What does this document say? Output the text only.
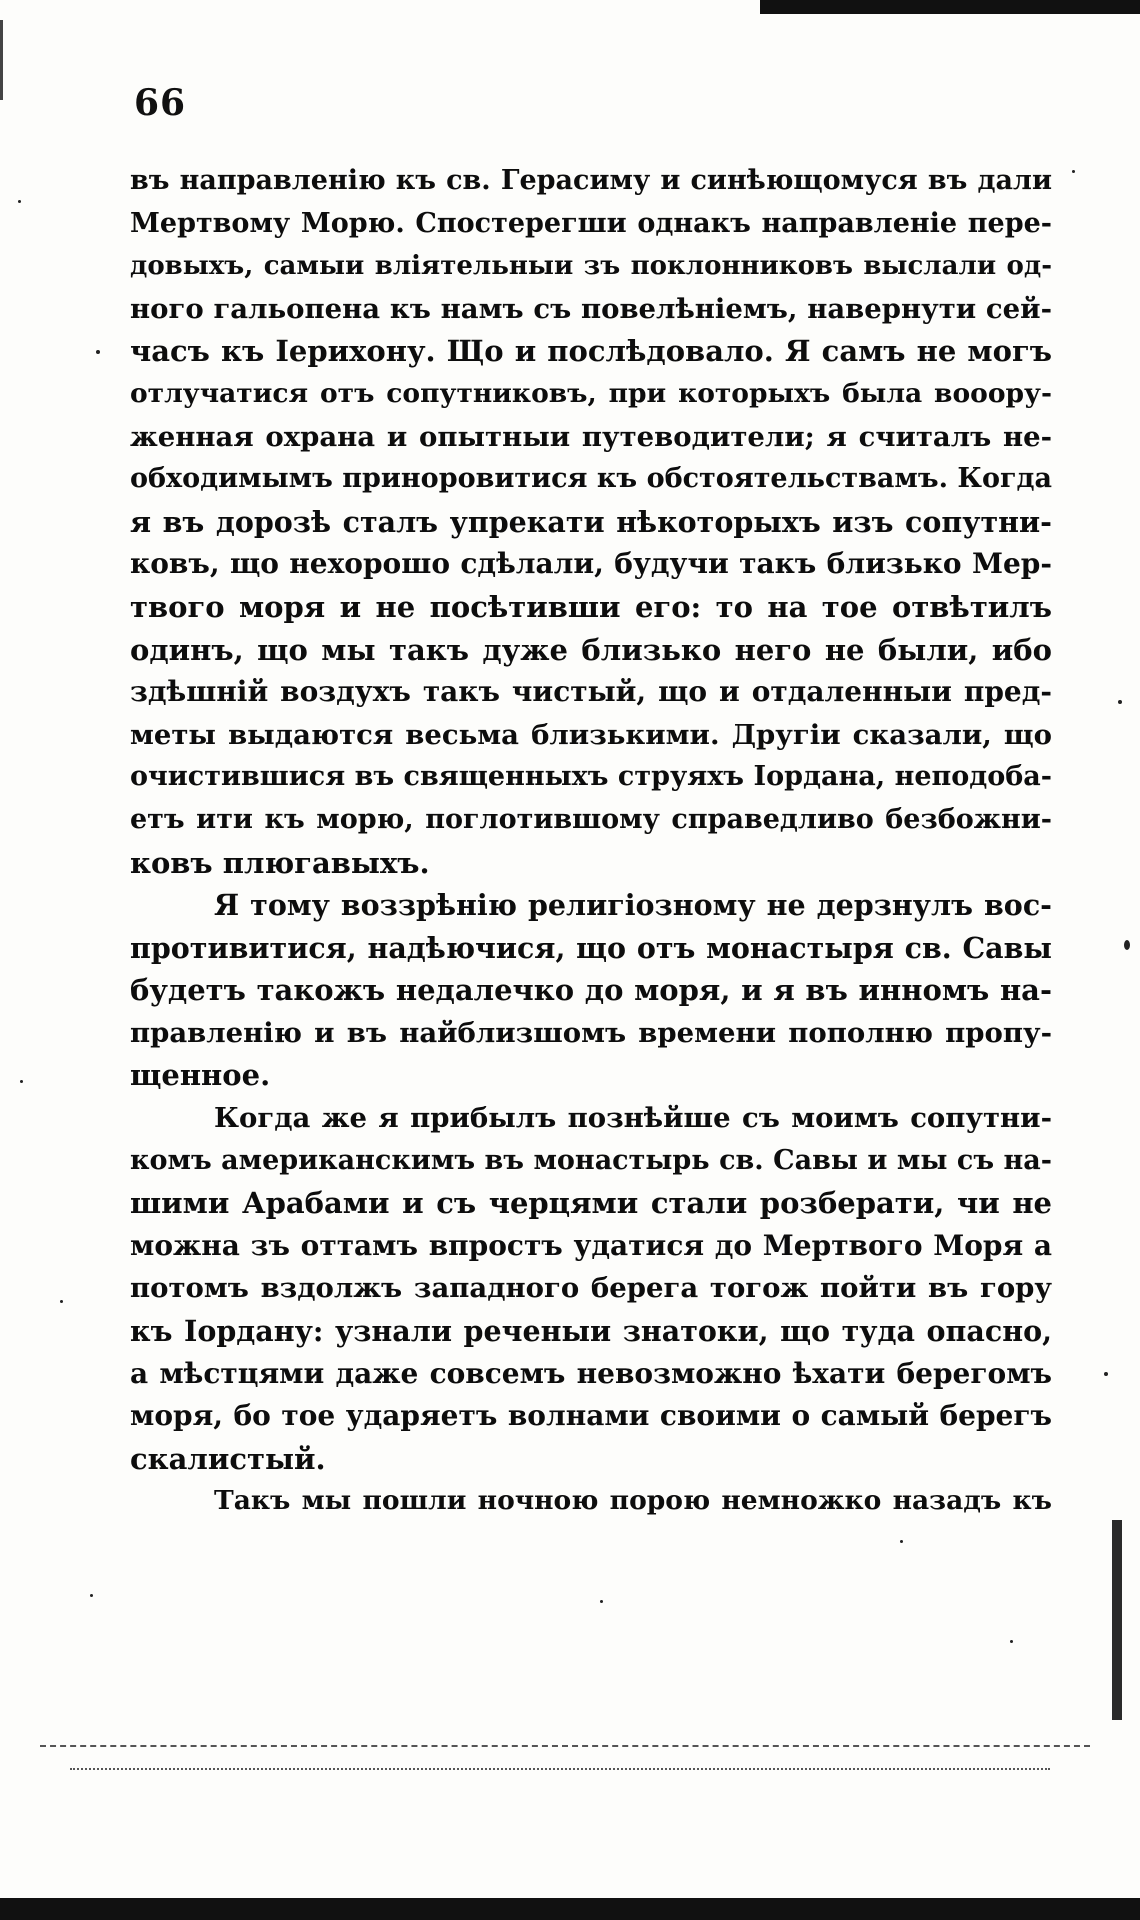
66
въ направленію къ св. Герасиму и синѣющомуся въ дали
Мертвому Морю. Спостерегши однакъ направленіе пере-
довыхъ, самыи влiятельныи зъ поклонниковъ выслали од-
ного гальопена къ намъ съ повелѣніемъ, навернути сей-
часъ къ Іерихону. Що и послѣдовало. Я самъ не могъ
отлучатися отъ сопутниковъ, при которыхъ была вооору-
женная охрана и опытныи путеводители; я считалъ не-
обходимымъ приноровитися къ обстоятельствамъ. Когда
я въ дорозѣ сталъ упрекати нѣкоторыхъ изъ сопутни-
ковъ, що нехорошо сдѣлали, будучи такъ близько Мер-
твого моря и не посѣтивши его: то на тое отвѣтилъ
одинъ, що мы такъ дуже близько него не были, ибо
здѣшній воздухъ такъ чистый, що и отдаленныи пред-
меты выдаются весьма близькими. Другіи сказали, що
очистившися въ священныхъ струяхъ Іордана, неподоба-
етъ ити къ морю, поглотившому справедливо безбожни-
ковъ плюгавыхъ.
Я тому воззрѣнію религіозному не дерзнулъ вос-
противитися, надѣючися, що отъ монастыря св. Савы
будетъ такожъ недалечко до моря, и я въ инномъ на-
правленію и въ найблизшомъ времени пополню пропу-
щенное.
Когда же я прибылъ познѣйше съ моимъ сопутни-
комъ американскимъ въ монастырь св. Савы и мы съ на-
шими Арабами и съ черцями стали розберати, чи не
можна зъ оттамъ впростъ удатися до Мертвого Моря а
потомъ вздолжъ западного берега тогож пойти въ гору
къ Іордану: узнали реченыи знатоки, що туда опасно,
а мѣстцями даже совсемъ невозможно ѣхати берегомъ
моря, бо тое ударяетъ волнами своими о самый берегъ
скалистый.
Такъ мы пошли ночною порою немножко назадъ къ
